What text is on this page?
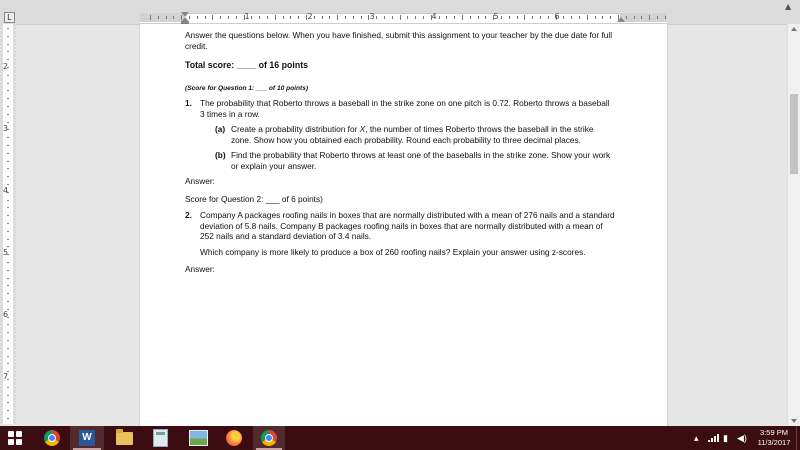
L	1	2	3	4	5	6
▲
2
3
4
5
6
7

Answer the questions below. When you have finished, submit this assignment to your teacher by the due date for full credit.

Total score: ____ of 16 points

(Score for Question 1: ___ of 10 points)

1. The probability that Roberto throws a baseball in the strike zone on one pitch is 0.72. Roberto throws a baseball 3 times in a row.
(a) Create a probability distribution for X, the number of times Roberto throws the baseball in the strike zone. Show how you obtained each probability. Round each probability to three decimal places.
(b) Find the probability that Roberto throws at least one of the baseballs in the strike zone. Show your work or explain your answer.

Answer:

Score for Question 2: ___ of 6 points)

2. Company A packages roofing nails in boxes that are normally distributed with a mean of 276 nails and a standard deviation of 5.8 nails. Company B packages roofing nails in boxes that are normally distributed with a mean of 252 nails and a standard deviation of 3.4 nails.

Which company is more likely to produce a box of 260 roofing nails? Explain your answer using z-scores.

Answer:

W	▴	▮ ◀)
3:59 PM
11/3/2017
